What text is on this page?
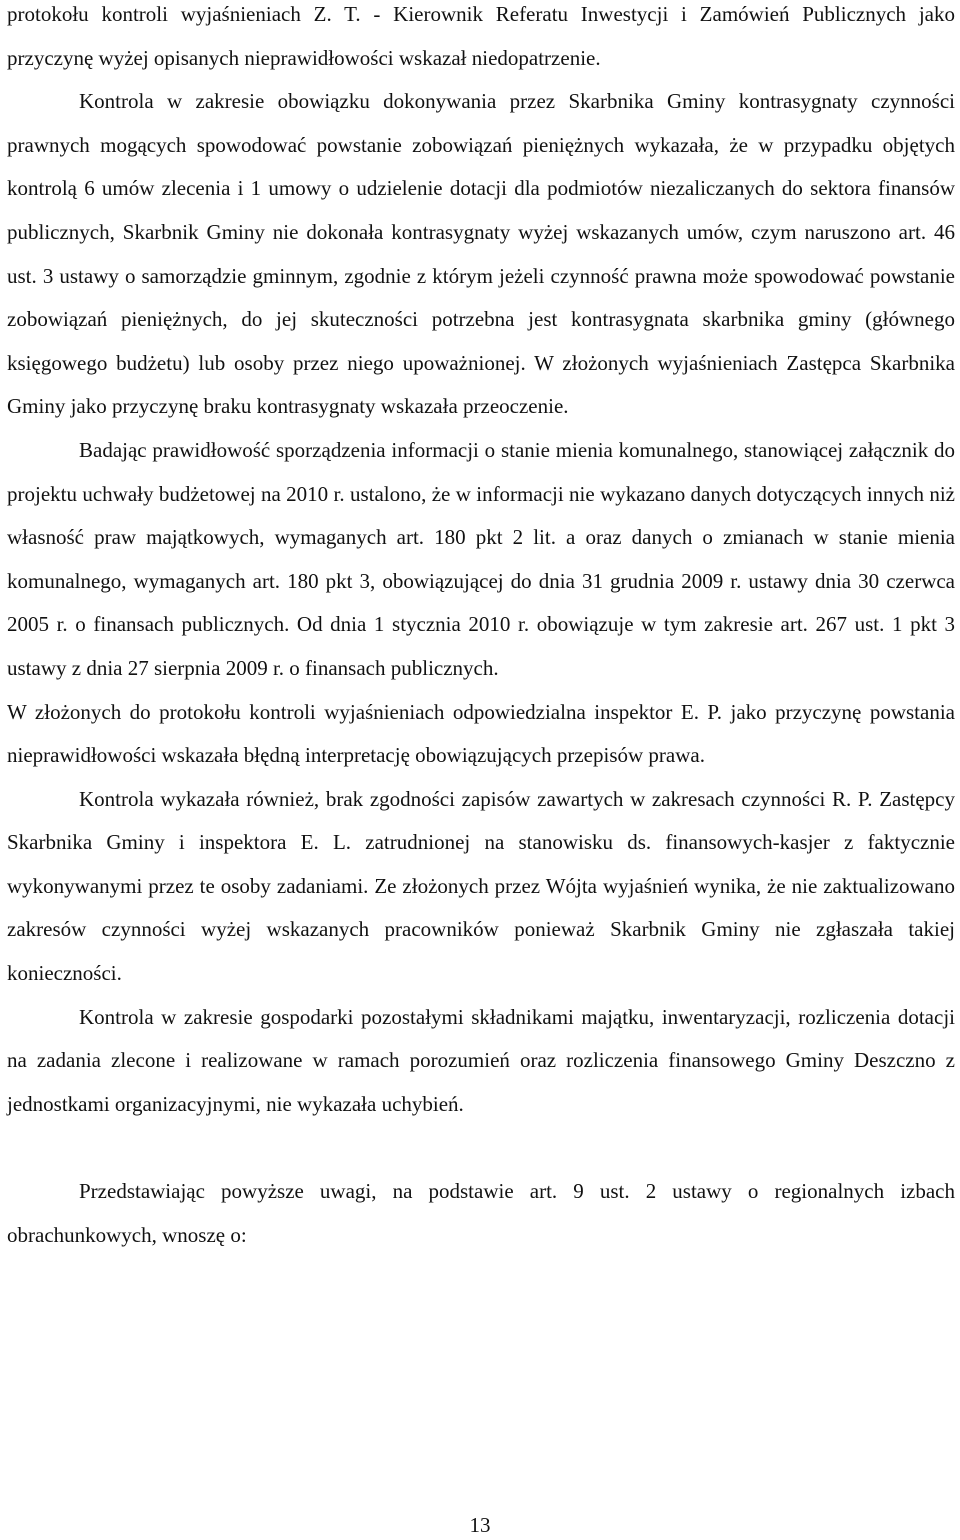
protokołu kontroli wyjaśnieniach Z. T. - Kierownik Referatu Inwestycji i Zamówień Publicznych jako przyczynę wyżej opisanych nieprawidłowości wskazał niedopatrzenie.

Kontrola w zakresie obowiązku dokonywania przez Skarbnika Gminy kontrasygnaty czynności prawnych mogących spowodować powstanie zobowiązań pieniężnych wykazała, że w przypadku objętych kontrolą 6 umów zlecenia i 1 umowy o udzielenie dotacji dla podmiotów niezaliczanych do sektora finansów publicznych, Skarbnik Gminy nie dokonała kontrasygnaty wyżej wskazanych umów, czym naruszono art. 46 ust. 3 ustawy o samorządzie gminnym, zgodnie z którym jeżeli czynność prawna może spowodować powstanie zobowiązań pieniężnych, do jej skuteczności potrzebna jest kontrasygnata skarbnika gminy (głównego księgowego budżetu) lub osoby przez niego upoważnionej. W złożonych wyjaśnieniach Zastępca Skarbnika Gminy jako przyczynę braku kontrasygnaty wskazała przeoczenie.

Badając prawidłowość sporządzenia informacji o stanie mienia komunalnego, stanowiącej załącznik do projektu uchwały budżetowej na 2010 r. ustalono, że w informacji nie wykazano danych dotyczących innych niż własność praw majątkowych, wymaganych art. 180 pkt 2 lit. a oraz danych o zmianach w stanie mienia komunalnego, wymaganych art. 180 pkt 3, obowiązującej do dnia 31 grudnia 2009 r. ustawy dnia 30 czerwca 2005 r. o finansach publicznych. Od dnia 1 stycznia 2010 r. obowiązuje w tym zakresie art. 267 ust. 1 pkt 3 ustawy z dnia 27 sierpnia 2009 r. o finansach publicznych.

W złożonych do protokołu kontroli wyjaśnieniach odpowiedzialna inspektor E. P. jako przyczynę powstania nieprawidłowości wskazała błędną interpretację obowiązujących przepisów prawa.

Kontrola wykazała również, brak zgodności zapisów zawartych w zakresach czynności R. P. Zastępcy Skarbnika Gminy i inspektora E. L. zatrudnionej na stanowisku ds. finansowych-kasjer z faktycznie wykonywanymi przez te osoby zadaniami. Ze złożonych przez Wójta wyjaśnień wynika, że nie zaktualizowano zakresów czynności wyżej wskazanych pracowników ponieważ Skarbnik Gminy nie zgłaszała takiej konieczności.

Kontrola w zakresie gospodarki pozostałymi składnikami majątku, inwentaryzacji, rozliczenia dotacji na zadania zlecone i realizowane w ramach porozumień oraz rozliczenia finansowego Gminy Deszczno z jednostkami organizacyjnymi, nie wykazała uchybień.

Przedstawiając powyższe uwagi, na podstawie art. 9 ust. 2 ustawy o regionalnych izbach obrachunkowych, wnoszę o:

13
